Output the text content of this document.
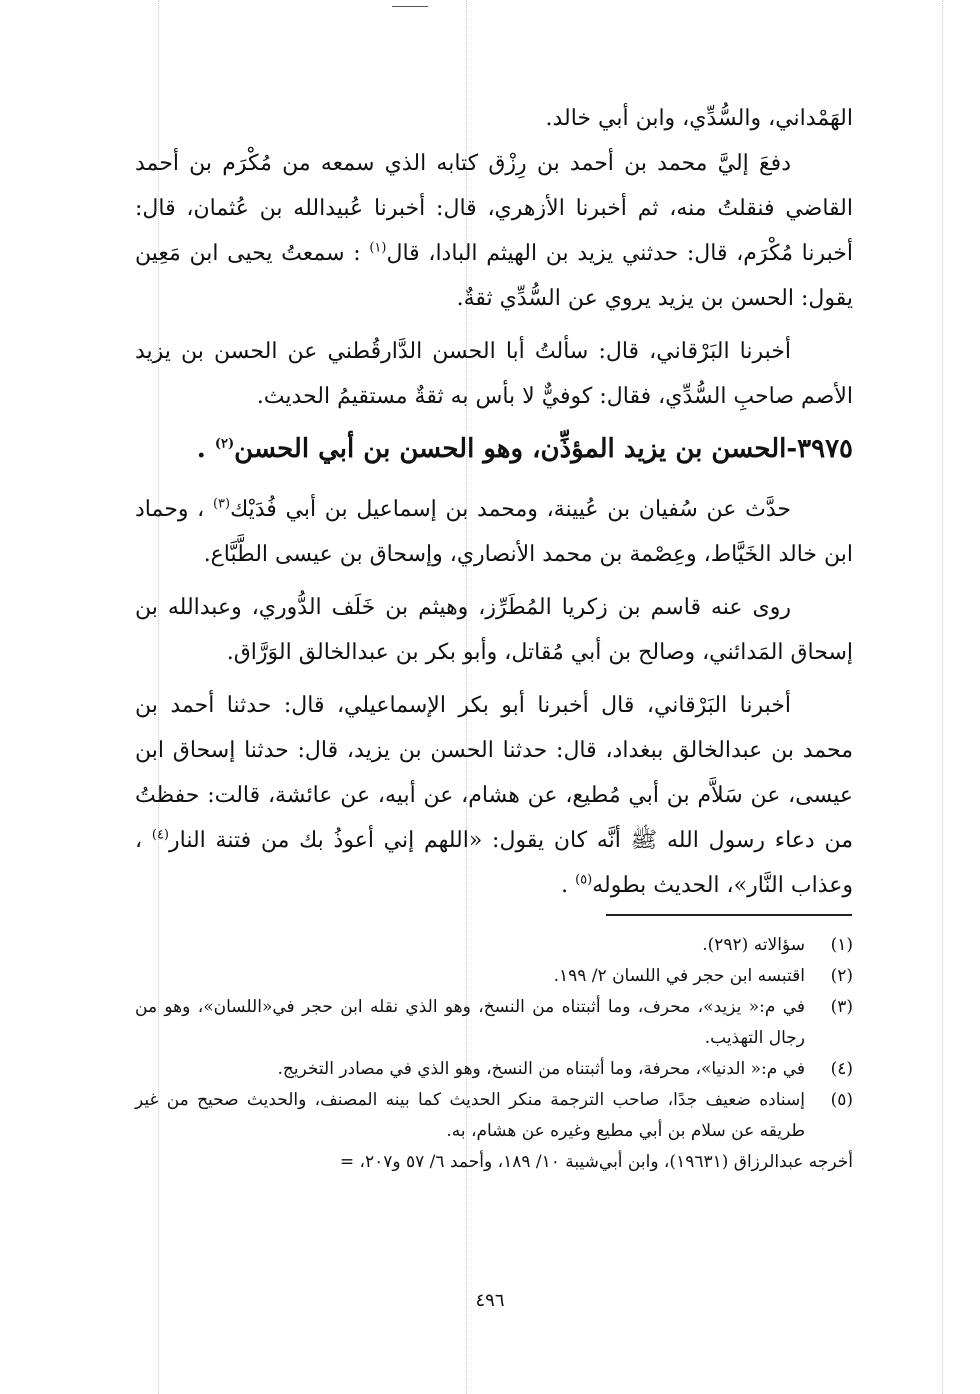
الهَمْداني، والسُّدِّي، وابن أبي خالد.

دفعَ إليَّ محمد بن أحمد بن رِزْق كتابه الذي سمعه من مُكْرَم بن أحمد القاضي فنقلتُ منه، ثم أخبرنا الأزهري، قال: أخبرنا عُبيدالله بن عُثمان، قال: أخبرنا مُكْرَم، قال: حدثني يزيد بن الهيثم البادا، قال$^{(١)}$ : سمعتُ يحيى ابن مَعِين يقول: الحسن بن يزيد يروي عن السُّدِّي ثقةٌ.

أخبرنا البَرْقاني، قال: سألتُ أبا الحسن الدَّارقُطني عن الحسن بن يزيد الأصم صاحبِ السُّدِّي، فقال: كوفيٌّ لا بأس به ثقةٌ مستقيمُ الحديث.

٣٩٧٥-الحسن بن يزيد المؤذِّن، وهو الحسن بن أبي الحسن$^{(٢)}$ .

حدَّث عن سُفيان بن عُيينة، ومحمد بن إسماعيل بن أبي فُدَيْك$^{(٣)}$ ، وحماد ابن خالد الخَيَّاط، وعِصْمة بن محمد الأنصاري، وإسحاق بن عيسى الطَّبَّاع.

روى عنه قاسم بن زكريا المُطَرِّز، وهيثم بن خَلَف الدُّوري، وعبدالله بن إسحاق المَدائني، وصالح بن أبي مُقاتل، وأبو بكر بن عبدالخالق الوَرَّاق.

أخبرنا البَرْقاني، قال أخبرنا أبو بكر الإسماعيلي، قال: حدثنا أحمد بن محمد بن عبدالخالق ببغداد، قال: حدثنا الحسن بن يزيد، قال: حدثنا إسحاق ابن عيسى، عن سَلاَّم بن أبي مُطيع، عن هشام، عن أبيه، عن عائشة، قالت: حفظتُ من دعاء رسول الله ﷺ أنَّه كان يقول: «اللهم إني أعوذُ بك من فتنة النار$^{(٤)}$ ، وعذاب النَّار»، الحديث بطوله$^{(٥)}$ .

(١)
سؤالاته (٢٩٢).
(٢)
اقتبسه ابن حجر في اللسان ٢/ ١٩٩.
(٣)
في م:« يزيد»، محرف، وما أثبتناه من النسخ، وهو الذي نقله ابن حجر في«اللسان»، وهو من رجال التهذيب.
(٤)
في م:« الدنيا»، محرفة، وما أثبتناه من النسخ، وهو الذي في مصادر التخريج.
(٥)
إسناده ضعيف جدًا، صاحب الترجمة منكر الحديث كما بينه المصنف، والحديث صحيح من غير طريقه عن سلام بن أبي مطيع وغيره عن هشام، به.
أخرجه عبدالرزاق (١٩٦٣١)، وابن أبي‌شيبة ١٠/ ١٨٩، وأحمد ٦/ ٥٧ و٢٠٧، =
٤٩٦
